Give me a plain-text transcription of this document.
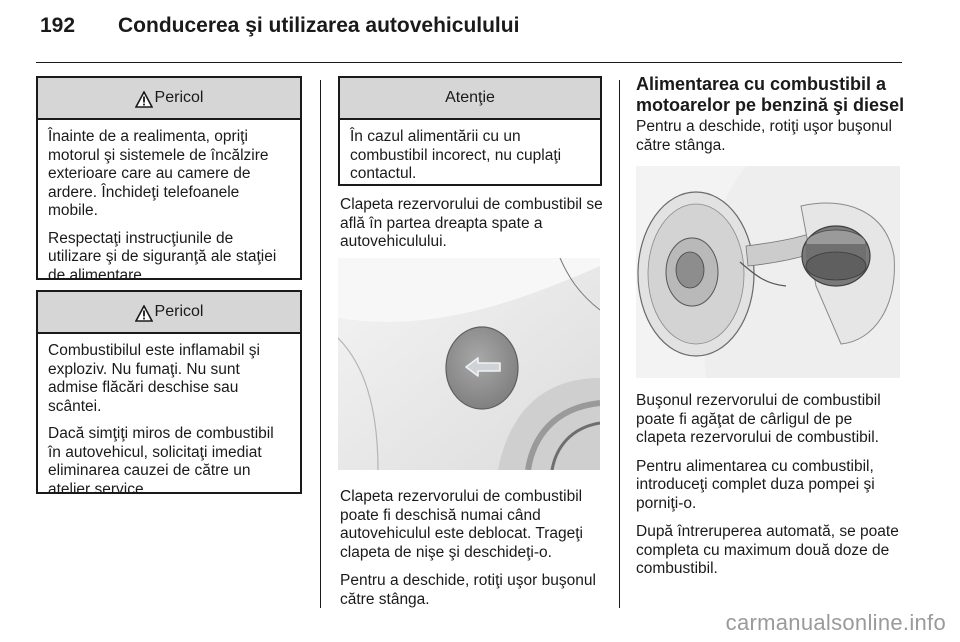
192 Conducerea şi utilizarea autovehiculului
Pericol

Înainte de a realimenta, opriţi motorul şi sistemele de încălzire exterioare care au camere de ardere. Închideţi telefoanele mobile.

Respectaţi instrucţiunile de utilizare şi de siguranţă ale staţiei de alimentare.

Pericol

Combustibilul este inflamabil şi exploziv. Nu fumaţi. Nu sunt admise flăcări deschise sau scântei.

Dacă simţiţi miros de combustibil în autovehicul, solicitaţi imediat eliminarea cauzei de către un atelier service.

Atenţie

În cazul alimentării cu un combustibil incorect, nu cuplaţi contactul.

Clapeta rezervorului de combustibil se află în partea dreapta spate a autovehiculului.

Clapeta rezervorului de combustibil poate fi deschisă numai când autovehiculul este deblocat. Trageţi clapeta de nişe şi deschideţi-o.

Pentru a deschide, rotiţi uşor buşonul către stânga.

Alimentarea cu combustibil a
motoarelor pe benzină şi diesel

Pentru a deschide, rotiţi uşor buşonul către stânga.

Buşonul rezervorului de combustibil poate fi agăţat de cârligul de pe clapeta rezervorului de combustibil.

Pentru alimentarea cu combustibil, introduceţi complet duza pompei şi porniţi-o.

După întreruperea automată, se poate completa cu maximum două doze de combustibil.

carmanualsonline.info
